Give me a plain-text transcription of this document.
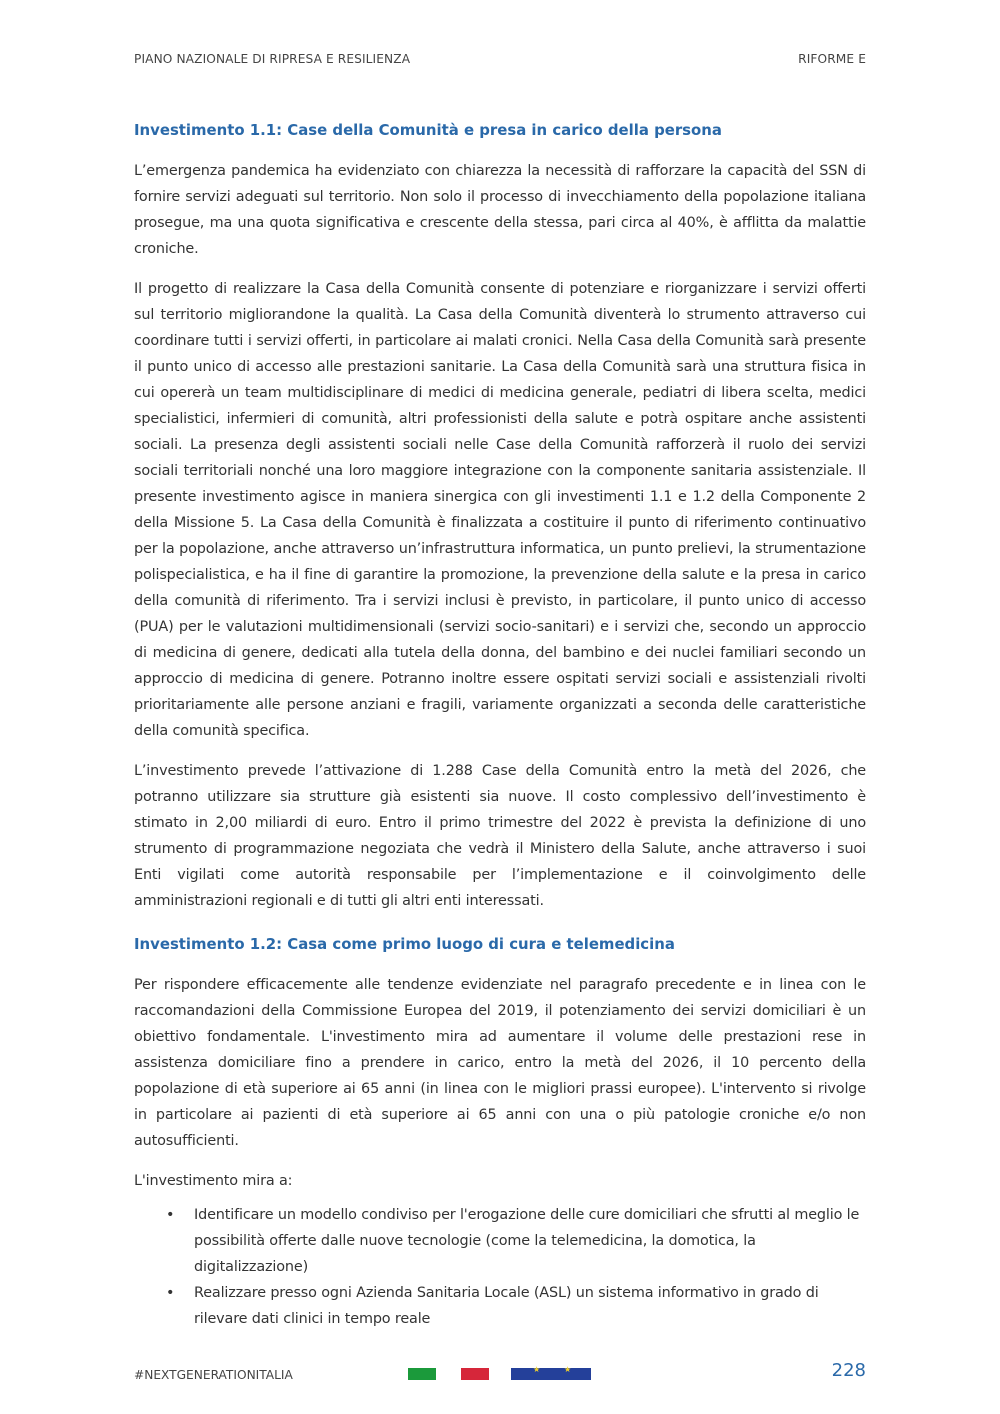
PIANO NAZIONALE DI RIPRESA E RESILIENZA	RIFORME E
Investimento 1.1: Case della Comunità e presa in carico della persona

L’emergenza pandemica ha evidenziato con chiarezza la necessità di rafforzare la capacità del SSN di fornire servizi adeguati sul territorio. Non solo il processo di invecchiamento della popolazione italiana prosegue, ma una quota significativa e crescente della stessa, pari circa al 40%, è afflitta da malattie croniche.

Il progetto di realizzare la Casa della Comunità consente di potenziare e riorganizzare i servizi offerti sul territorio migliorandone la qualità. La Casa della Comunità diventerà lo strumento attraverso cui coordinare tutti i servizi offerti, in particolare ai malati cronici. Nella Casa della Comunità sarà presente il punto unico di accesso alle prestazioni sanitarie. La Casa della Comunità sarà una struttura fisica in cui opererà un team multidisciplinare di medici di medicina generale, pediatri di libera scelta, medici specialistici, infermieri di comunità, altri professionisti della salute e potrà ospitare anche assistenti sociali. La presenza degli assistenti sociali nelle Case della Comunità rafforzerà il ruolo dei servizi sociali territoriali nonché una loro maggiore integrazione con la componente sanitaria assistenziale. Il presente investimento agisce in maniera sinergica con gli investimenti 1.1 e 1.2 della Componente 2 della Missione 5. La Casa della Comunità è finalizzata a costituire il punto di riferimento continuativo per la popolazione, anche attraverso un’infrastruttura informatica, un punto prelievi, la strumentazione polispecialistica, e ha il fine di garantire la promozione, la prevenzione della salute e la presa in carico della comunità di riferimento. Tra i servizi inclusi è previsto, in particolare, il punto unico di accesso (PUA) per le valutazioni multidimensionali (servizi socio-sanitari) e i servizi che, secondo un approccio di medicina di genere, dedicati alla tutela della donna, del bambino e dei nuclei familiari secondo un approccio di medicina di genere. Potranno inoltre essere ospitati servizi sociali e assistenziali rivolti prioritariamente alle persone anziani e fragili, variamente organizzati a seconda delle caratteristiche della comunità specifica.

L’investimento prevede l’attivazione di 1.288 Case della Comunità entro la metà del 2026, che potranno utilizzare sia strutture già esistenti sia nuove. Il costo complessivo dell’investimento è stimato in 2,00 miliardi di euro. Entro il primo trimestre del 2022 è prevista la definizione di uno strumento di programmazione negoziata che vedrà il Ministero della Salute, anche attraverso i suoi Enti vigilati come autorità responsabile per l’implementazione e il coinvolgimento delle amministrazioni regionali e di tutti gli altri enti interessati.

Investimento 1.2: Casa come primo luogo di cura e telemedicina

Per rispondere efficacemente alle tendenze evidenziate nel paragrafo precedente e in linea con le raccomandazioni della Commissione Europea del 2019, il potenziamento dei servizi domiciliari è un obiettivo fondamentale. L'investimento mira ad aumentare il volume delle prestazioni rese in assistenza domiciliare fino a prendere in carico, entro la metà del 2026, il 10 percento della popolazione di età superiore ai 65 anni (in linea con le migliori prassi europee). L'intervento si rivolge in particolare ai pazienti di età superiore ai 65 anni con una o più patologie croniche e/o non autosufficienti.

L'investimento mira a:

• Identificare un modello condiviso per l'erogazione delle cure domiciliari che sfrutti al meglio le possibilità offerte dalle nuove tecnologie (come la telemedicina, la domotica, la digitalizzazione)
• Realizzare presso ogni Azienda Sanitaria Locale (ASL) un sistema informativo in grado di rilevare dati clinici in tempo reale
#NEXTGENERATIONITALIA	★	★	228
